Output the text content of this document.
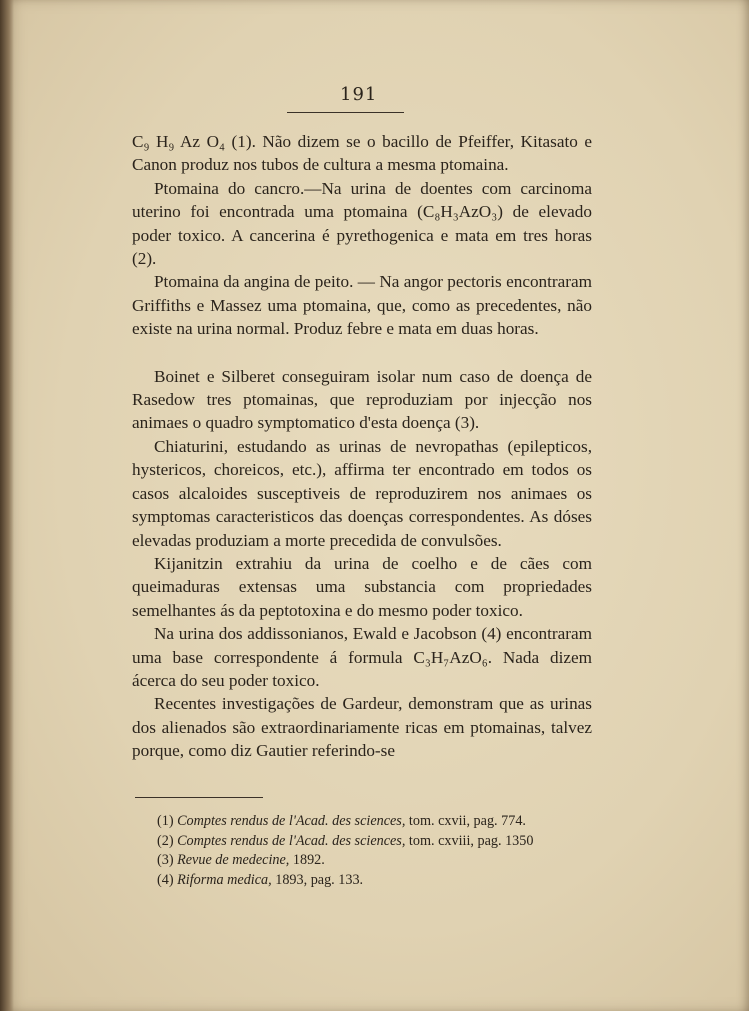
191

C₉ H₉ Az O₄ (1). Não dizem se o bacillo de Pfeiffer, Kitasato e Canon produz nos tubos de cultura a mesma ptomaina.

Ptomaina do cancro.—Na urina de doentes com carcinoma uterino foi encontrada uma ptomaina (C₈H₃AzO₃) de elevado poder toxico. A cancerina é pyrethogenica e mata em tres horas (2).

Ptomaina da angina de peito. — Na angor pectoris encontraram Griffiths e Massez uma ptomaina, que, como as precedentes, não existe na urina normal. Produz febre e mata em duas horas.

Boinet e Silberet conseguiram isolar num caso de doença de Rasedow tres ptomainas, que reproduziam por injecção nos animaes o quadro symptomatico d'esta doença (3).

Chiaturini, estudando as urinas de nevropathas (epilepticos, hystericos, choreicos, etc.), affirma ter encontrado em todos os casos alcaloides susceptiveis de reproduzirem nos animaes os symptomas caracteristicos das doenças correspondentes. As dóses elevadas produziam a morte precedida de convulsões.

Kijanitzin extrahiu da urina de coelho e de cães com queimaduras extensas uma substancia com propriedades semelhantes ás da peptotoxina e do mesmo poder toxico.

Na urina dos addissonianos, Ewald e Jacobson (4) encontraram uma base correspondente á formula C₃H₇AzO₆. Nada dizem ácerca do seu poder toxico.

Recentes investigações de Gardeur, demonstram que as urinas dos alienados são extraordinariamente ricas em ptomainas, talvez porque, como diz Gautier referindo-se

(1) Comptes rendus de l'Acad. des sciences, tom. cxvii, pag. 774.
(2) Comptes rendus de l'Acad. des sciences, tom. cxviii, pag. 1350
(3) Revue de medecine, 1892.
(4) Riforma medica, 1893, pag. 133.
